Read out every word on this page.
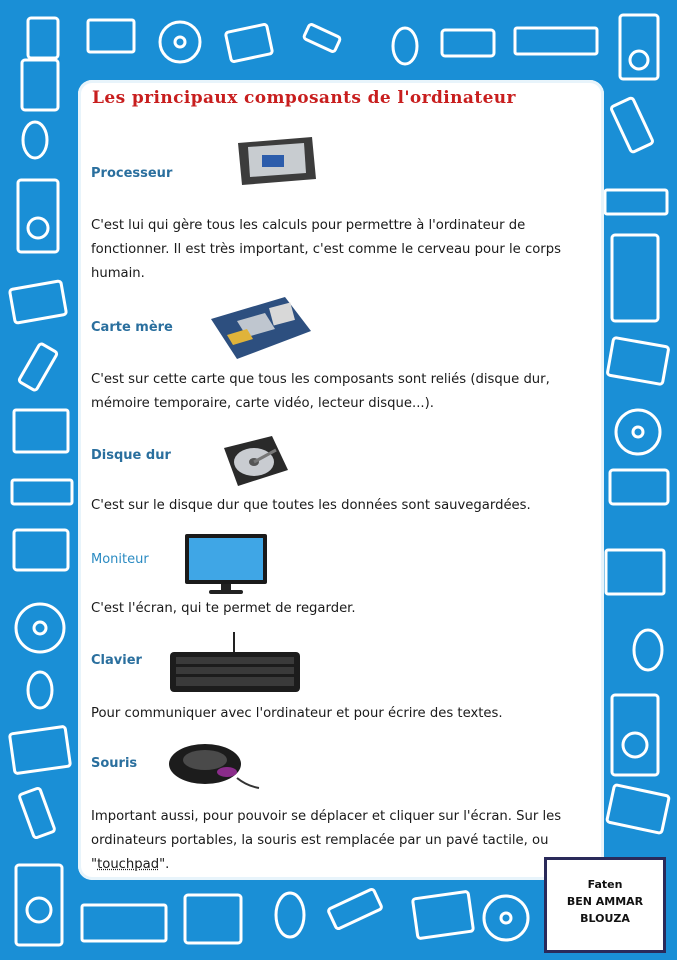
Les principaux composants de l'ordinateur
Processeur
C'est lui qui gère tous les calculs pour permettre à l'ordinateur de fonctionner. Il est très important, c'est comme le cerveau pour le corps humain.
Carte mère
C'est sur cette carte que tous les composants sont reliés (disque dur, mémoire temporaire, carte vidéo, lecteur disque...).
Disque dur
C'est sur le disque dur que toutes les données sont sauvegardées.
Moniteur
C'est l'écran, qui te permet de regarder.
Clavier
Pour communiquer avec l'ordinateur et pour écrire des textes.
Souris
Important aussi, pour pouvoir se déplacer et cliquer sur l'écran. Sur les ordinateurs portables, la souris est remplacée par un pavé tactile, ou "touchpad".
Faten
BEN AMMAR
BLOUZA
